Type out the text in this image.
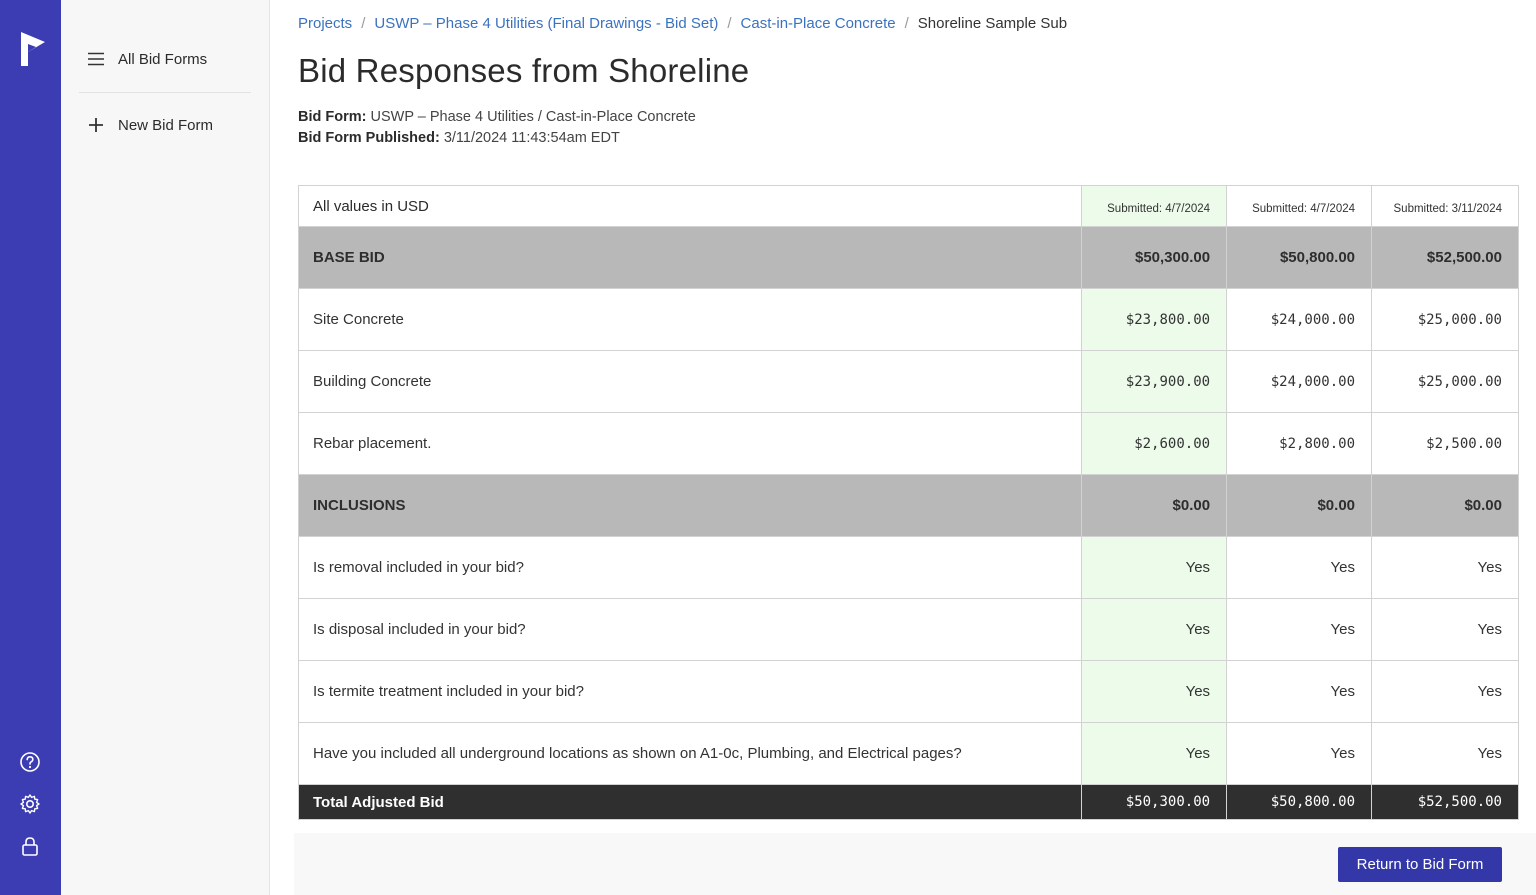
All Bid Forms
New Bid Form
Projects / USWP – Phase 4 Utilities (Final Drawings - Bid Set) / Cast-in-Place Concrete / Shoreline Sample Sub
Bid Responses from Shoreline
Bid Form: USWP – Phase 4 Utilities / Cast-in-Place Concrete
Bid Form Published: 3/11/2024 11:43:54am EDT
All values in USD	Submitted: 4/7/2024	Submitted: 4/7/2024	Submitted: 3/11/2024
BASE BID	$50,300.00	$50,800.00	$52,500.00
Site Concrete	$23,800.00	$24,000.00	$25,000.00
Building Concrete	$23,900.00	$24,000.00	$25,000.00
Rebar placement.	$2,600.00	$2,800.00	$2,500.00
INCLUSIONS	$0.00	$0.00	$0.00
Is removal included in your bid?	Yes	Yes	Yes
Is disposal included in your bid?	Yes	Yes	Yes
Is termite treatment included in your bid?	Yes	Yes	Yes
Have you included all underground locations as shown on A1-0c, Plumbing, and Electrical pages?	Yes	Yes	Yes
Total Adjusted Bid	$50,300.00	$50,800.00	$52,500.00
Return to Bid Form
